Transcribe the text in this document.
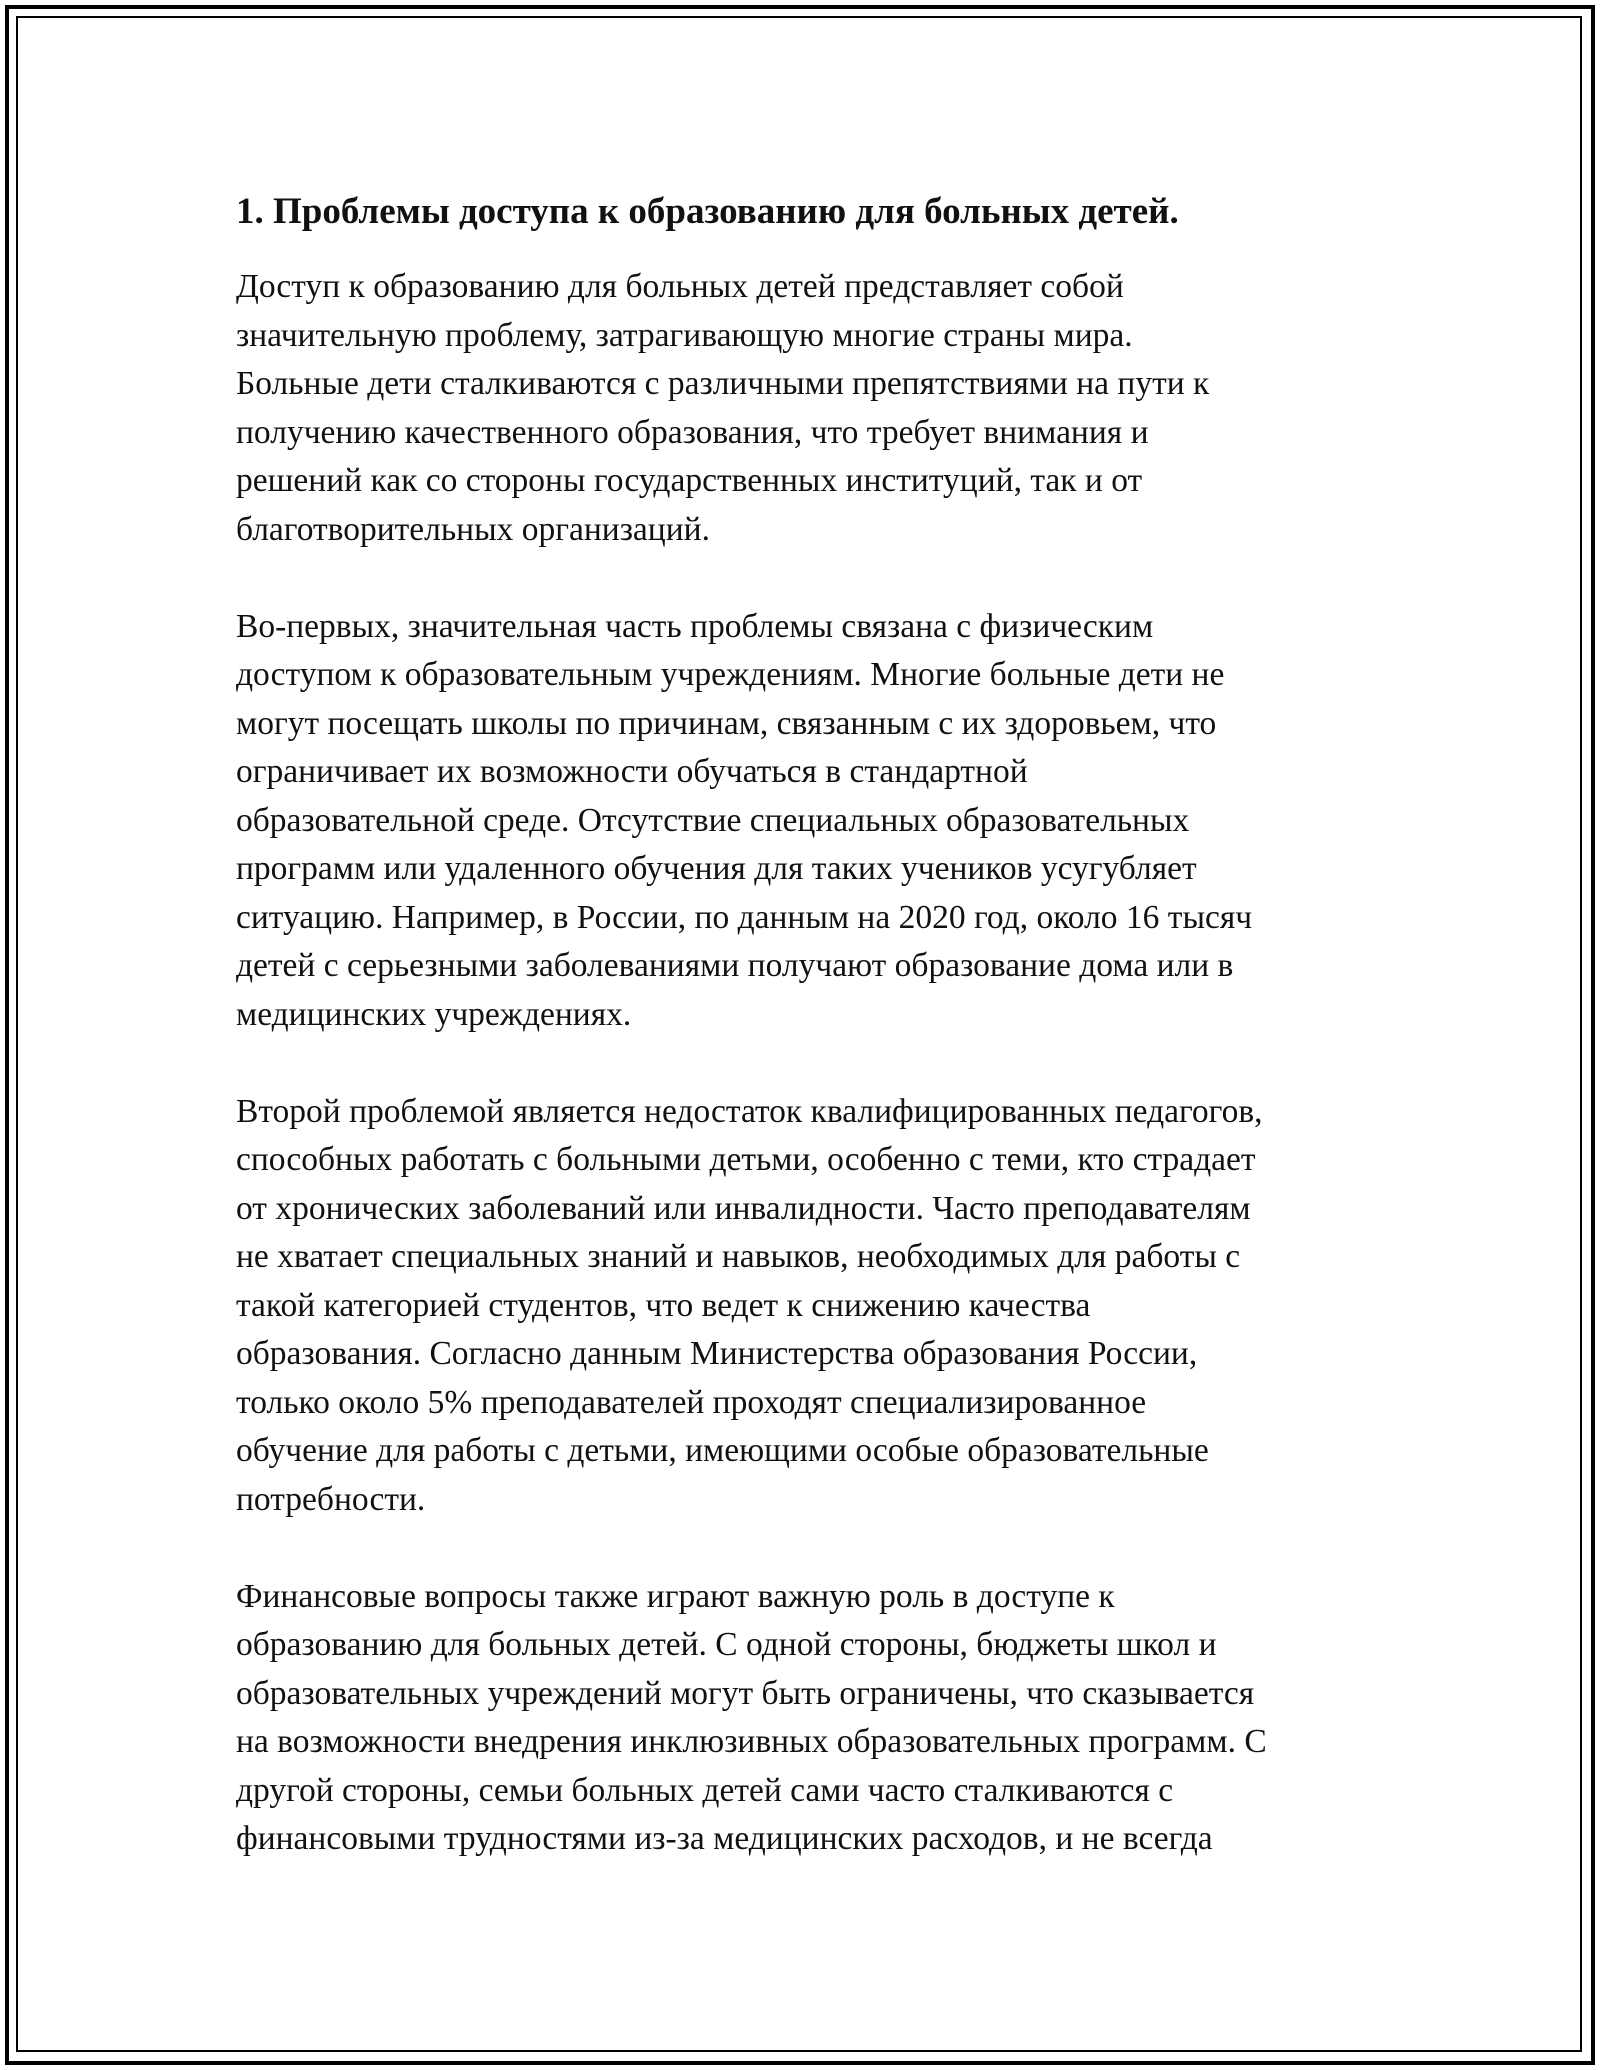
1. Проблемы доступа к образованию для больных детей.

Доступ к образованию для больных детей представляет собой
значительную проблему, затрагивающую многие страны мира.
Больные дети сталкиваются с различными препятствиями на пути к
получению качественного образования, что требует внимания и
решений как со стороны государственных институций, так и от
благотворительных организаций.

Во-первых, значительная часть проблемы связана с физическим
доступом к образовательным учреждениям. Многие больные дети не
могут посещать школы по причинам, связанным с их здоровьем, что
ограничивает их возможности обучаться в стандартной
образовательной среде. Отсутствие специальных образовательных
программ или удаленного обучения для таких учеников усугубляет
ситуацию. Например, в России, по данным на 2020 год, около 16 тысяч
детей с серьезными заболеваниями получают образование дома или в
медицинских учреждениях.

Второй проблемой является недостаток квалифицированных педагогов,
способных работать с больными детьми, особенно с теми, кто страдает
от хронических заболеваний или инвалидности. Часто преподавателям
не хватает специальных знаний и навыков, необходимых для работы с
такой категорией студентов, что ведет к снижению качества
образования. Согласно данным Министерства образования России,
только около 5% преподавателей проходят специализированное
обучение для работы с детьми, имеющими особые образовательные
потребности.

Финансовые вопросы также играют важную роль в доступе к
образованию для больных детей. С одной стороны, бюджеты школ и
образовательных учреждений могут быть ограничены, что сказывается
на возможности внедрения инклюзивных образовательных программ. С
другой стороны, семьи больных детей сами часто сталкиваются с
финансовыми трудностями из-за медицинских расходов, и не всегда
